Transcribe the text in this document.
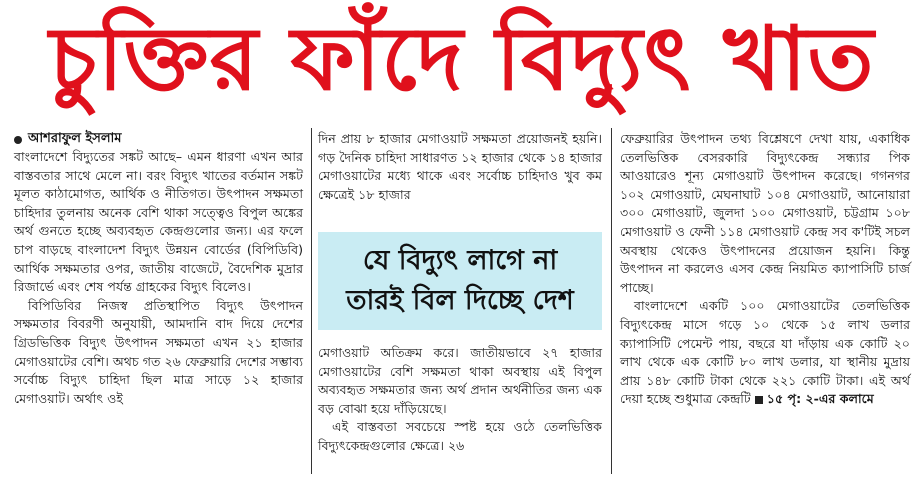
চুক্তির ফাঁদে বিদ্যুৎ খাত
আশরাফুল ইসলাম

বাংলাদেশে বিদ্যুতের সঙ্কট আছে– এমন ধারণা এখন আর বাস্তবতার সাথে মেলে না। বরং বিদ্যুৎ খাতের বর্তমান সঙ্কট মূলত কাঠামোগত, আর্থিক ও নীতিগত। উৎপাদন সক্ষমতা চাহিদার তুলনায় অনেক বেশি থাকা সত্ত্বেও বিপুল অঙ্কের অর্থ গুনতে হচ্ছে অব্যবহৃত কেন্দ্রগুলোর জন্য। এর ফলে চাপ বাড়ছে বাংলাদেশ বিদ্যুৎ উন্নয়ন বোর্ডের (বিপিডিবি) আর্থিক সক্ষমতার ওপর, জাতীয় বাজেটে, বৈদেশিক মুদ্রার রিজার্ভে এবং শেষ পর্যন্ত গ্রাহকের বিদ্যুৎ বিলেও।

বিপিডিবির নিজস্ব প্রতিস্থাপিত বিদ্যুৎ উৎপাদন সক্ষমতার বিবরণী অনুযায়ী, আমদানি বাদ দিয়ে দেশের গ্রিডভিত্তিক বিদ্যুৎ উৎপাদন সক্ষমতা এখন ২১ হাজার মেগাওয়াটের বেশি। অথচ গত ২৬ ফেব্রুয়ারি দেশের সম্ভাব্য সর্বোচ্চ বিদ্যুৎ চাহিদা ছিল মাত্র সাড়ে ১২ হাজার মেগাওয়াট। অর্থাৎ ওই

দিন প্রায় ৮ হাজার মেগাওয়াট সক্ষমতা প্রয়োজনই হয়নি। গড় দৈনিক চাহিদা সাধারণত ১২ হাজার থেকে ১৪ হাজার মেগাওয়াটের মধ্যে থাকে এবং সর্বোচ্চ চাহিদাও খুব কম ক্ষেত্রেই ১৮ হাজার

যে বিদ্যুৎ লাগে না
তারই বিল দিচ্ছে দেশ

মেগাওয়াট অতিক্রম করে। জাতীয়ভাবে ২৭ হাজার মেগাওয়াটের বেশি সক্ষমতা থাকা অবস্থায় এই বিপুল অব্যবহৃত সক্ষমতার জন্য অর্থ প্রদান অর্থনীতির জন্য এক বড় বোঝা হয়ে দাঁড়িয়েছে।

এই বাস্তবতা সবচেয়ে স্পষ্ট হয়ে ওঠে তেলভিত্তিক বিদ্যুৎকেন্দ্রগুলোর ক্ষেত্রে। ২৬

ফেব্রুয়ারির উৎপাদন তথ্য বিশ্লেষণে দেখা যায়, একাধিক তেলভিত্তিক বেসরকারি বিদ্যুৎকেন্দ্র সন্ধ্যার পিক আওয়ারেও শূন্য মেগাওয়াট উৎপাদন করেছে। গগনগর ১০২ মেগাওয়াট, মেঘনাঘাট ১০৪ মেগাওয়াট, আনোয়ারা ৩০০ মেগাওয়াট, জুলদা ১০০ মেগাওয়াট, চট্টগ্রাম ১০৮ মেগাওয়াট ও ফেনী ১১৪ মেগাওয়াট কেন্দ্র সব ক'টিই সচল অবস্থায় থেকেও উৎপাদনের প্রয়োজন হয়নি। কিন্তু উৎপাদন না করলেও এসব কেন্দ্র নিয়মিত ক্যাপাসিটি চার্জ পাচ্ছে।

বাংলাদেশে একটি ১০০ মেগাওয়াটের তেলভিত্তিক বিদ্যুৎকেন্দ্র মাসে গড়ে ১০ থেকে ১৫ লাখ ডলার ক্যাপাসিটি পেমেন্ট পায়, বছরে যা দাঁড়ায় এক কোটি ২০ লাখ থেকে এক কোটি ৮০ লাখ ডলার, যা স্থানীয় মুদ্রায় প্রায় ১৪৮ কোটি টাকা থেকে ২২১ কোটি টাকা। এই অর্থ দেয়া হচ্ছে শুধুমাত্র কেন্দ্রটি ১৫ পৃ: ২-এর কলামে
